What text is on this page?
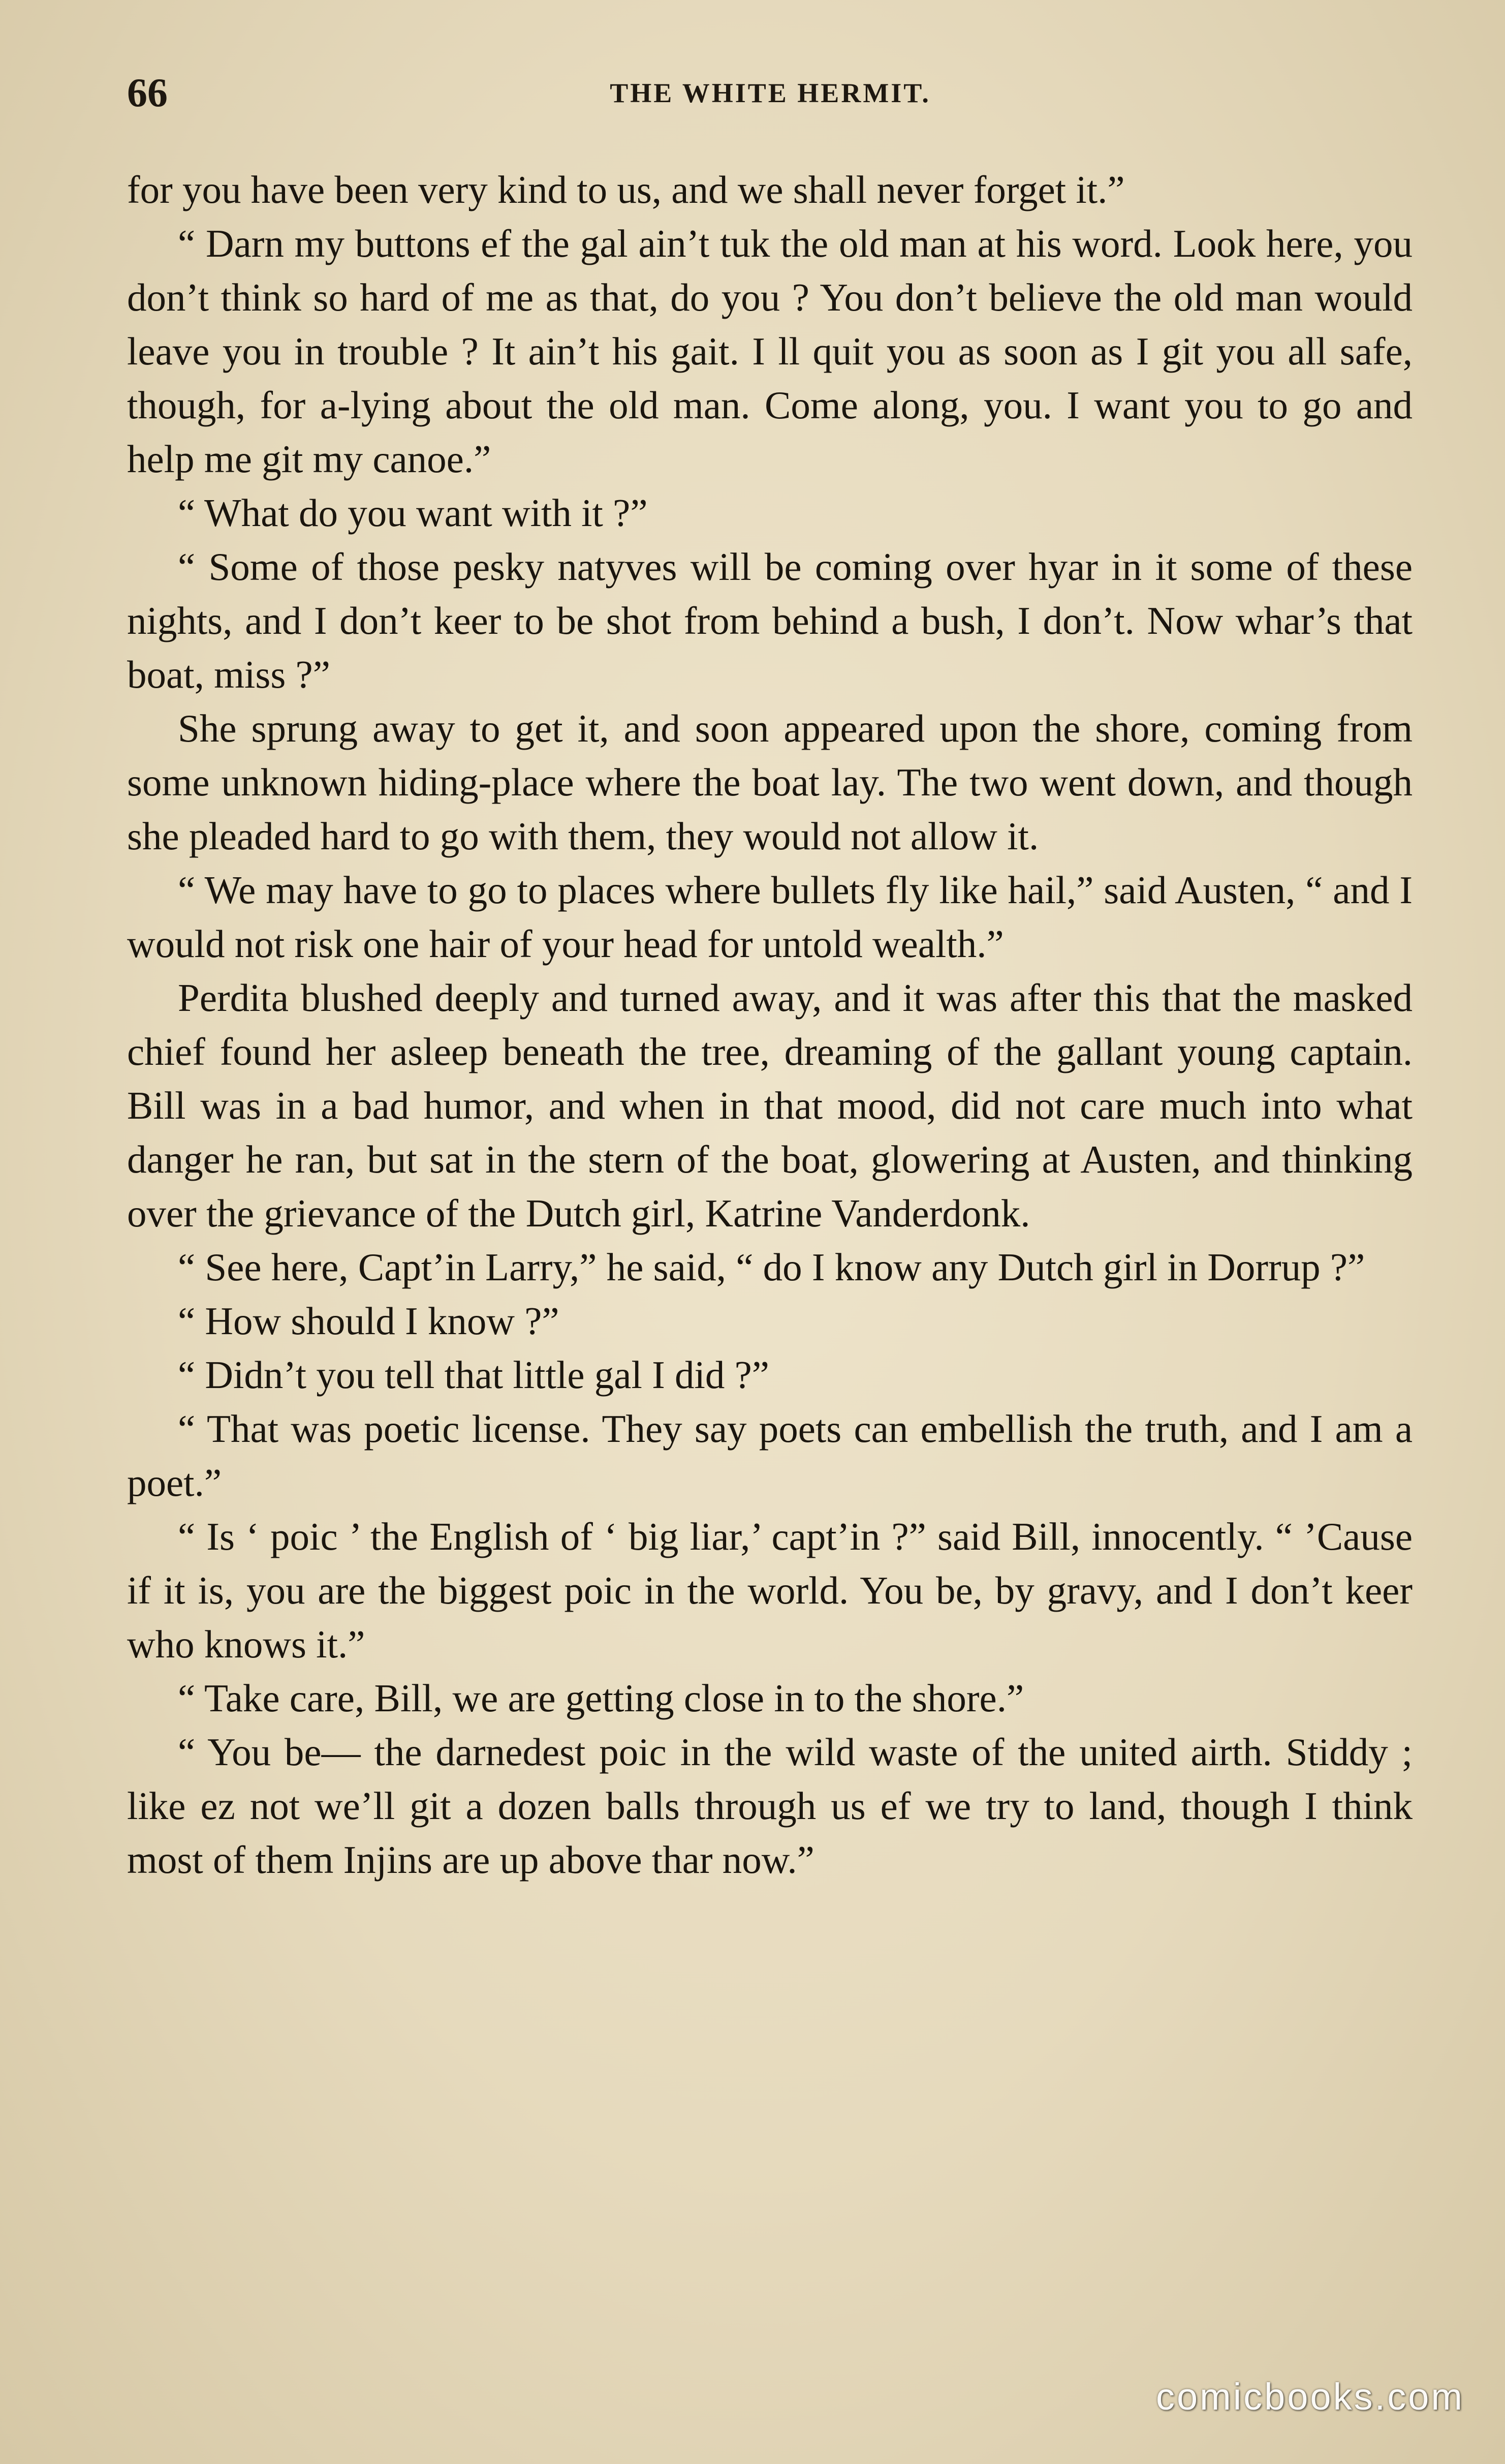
66	THE WHITE HERMIT.

for you have been very kind to us, and we shall never forget it.”

“ Darn my buttons ef the gal ain’t tuk the old man at his word. Look here, you don’t think so hard of me as that, do you ? You don’t believe the old man would leave you in trouble ? It ain’t his gait. I ll quit you as soon as I git you all safe, though, for a-lying about the old man. Come along, you. I want you to go and help me git my canoe.”

“ What do you want with it ?”

“ Some of those pesky natyves will be coming over hyar in it some of these nights, and I don’t keer to be shot from behind a bush, I don’t. Now whar’s that boat, miss ?”

She sprung away to get it, and soon appeared upon the shore, coming from some unknown hiding-place where the boat lay. The two went down, and though she pleaded hard to go with them, they would not allow it.

“ We may have to go to places where bullets fly like hail,” said Austen, “ and I would not risk one hair of your head for untold wealth.”

Perdita blushed deeply and turned away, and it was after this that the masked chief found her asleep beneath the tree, dreaming of the gallant young captain. Bill was in a bad humor, and when in that mood, did not care much into what danger he ran, but sat in the stern of the boat, glowering at Austen, and thinking over the grievance of the Dutch girl, Katrine Vanderdonk.

“ See here, Capt’in Larry,” he said, “ do I know any Dutch girl in Dorrup ?”

“ How should I know ?”

“ Didn’t you tell that little gal I did ?”

“ That was poetic license. They say poets can embellish the truth, and I am a poet.”

“ Is ‘ poic ’ the English of ‘ big liar,’ capt’in ?” said Bill, innocently. “ ’Cause if it is, you are the biggest poic in the world. You be, by gravy, and I don’t keer who knows it.”

“ Take care, Bill, we are getting close in to the shore.”

“ You be— the darnedest poic in the wild waste of the united airth. Stiddy ; like ez not we’ll git a dozen balls through us ef we try to land, though I think most of them Injins are up above thar now.”

comicbooks.com
